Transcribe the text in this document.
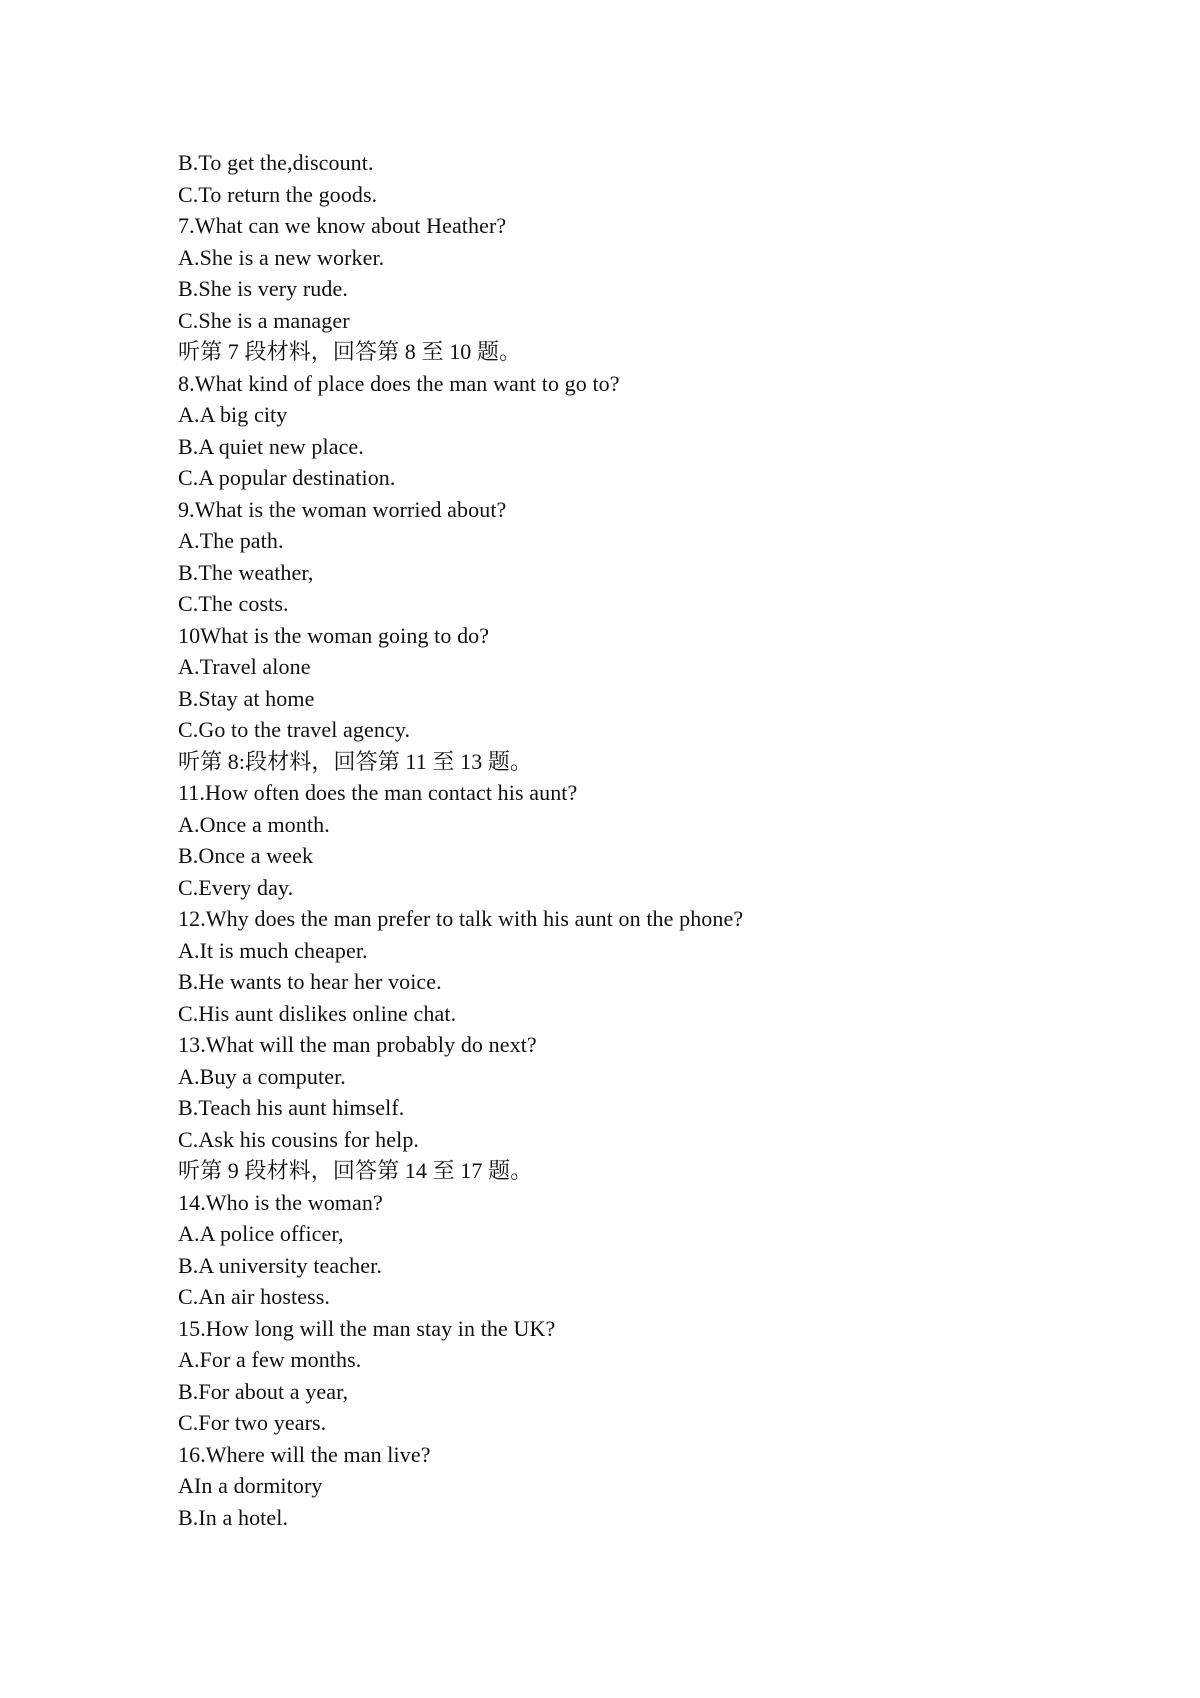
B.To get the,discount.
C.To return the goods.
7.What can we know about Heather?
A.She is a new worker.
B.She is very rude.
C.She is a manager
听第 7 段材料，回答第 8 至 10 题。
8.What kind of place does the man want to go to?
A.A big city
B.A quiet new place.
C.A popular destination.
9.What is the woman worried about?
A.The path.
B.The weather,
C.The costs.
10What is the woman going to do?
A.Travel alone
B.Stay at home
C.Go to the travel agency.
听第 8:段材料，回答第 11 至 13 题。
11.How often does the man contact his aunt?
A.Once a month.
B.Once a week
C.Every day.
12.Why does the man prefer to talk with his aunt on the phone?
A.It is much cheaper.
B.He wants to hear her voice.
C.His aunt dislikes online chat.
13.What will the man probably do next?
A.Buy a computer.
B.Teach his aunt himself.
C.Ask his cousins for help.
听第 9 段材料，回答第 14 至 17 题。
14.Who is the woman?
A.A police officer,
B.A university teacher.
C.An air hostess.
15.How long will the man stay in the UK?
A.For a few months.
B.For about a year,
C.For two years.
16.Where will the man live?
AIn a dormitory
B.In a hotel.
